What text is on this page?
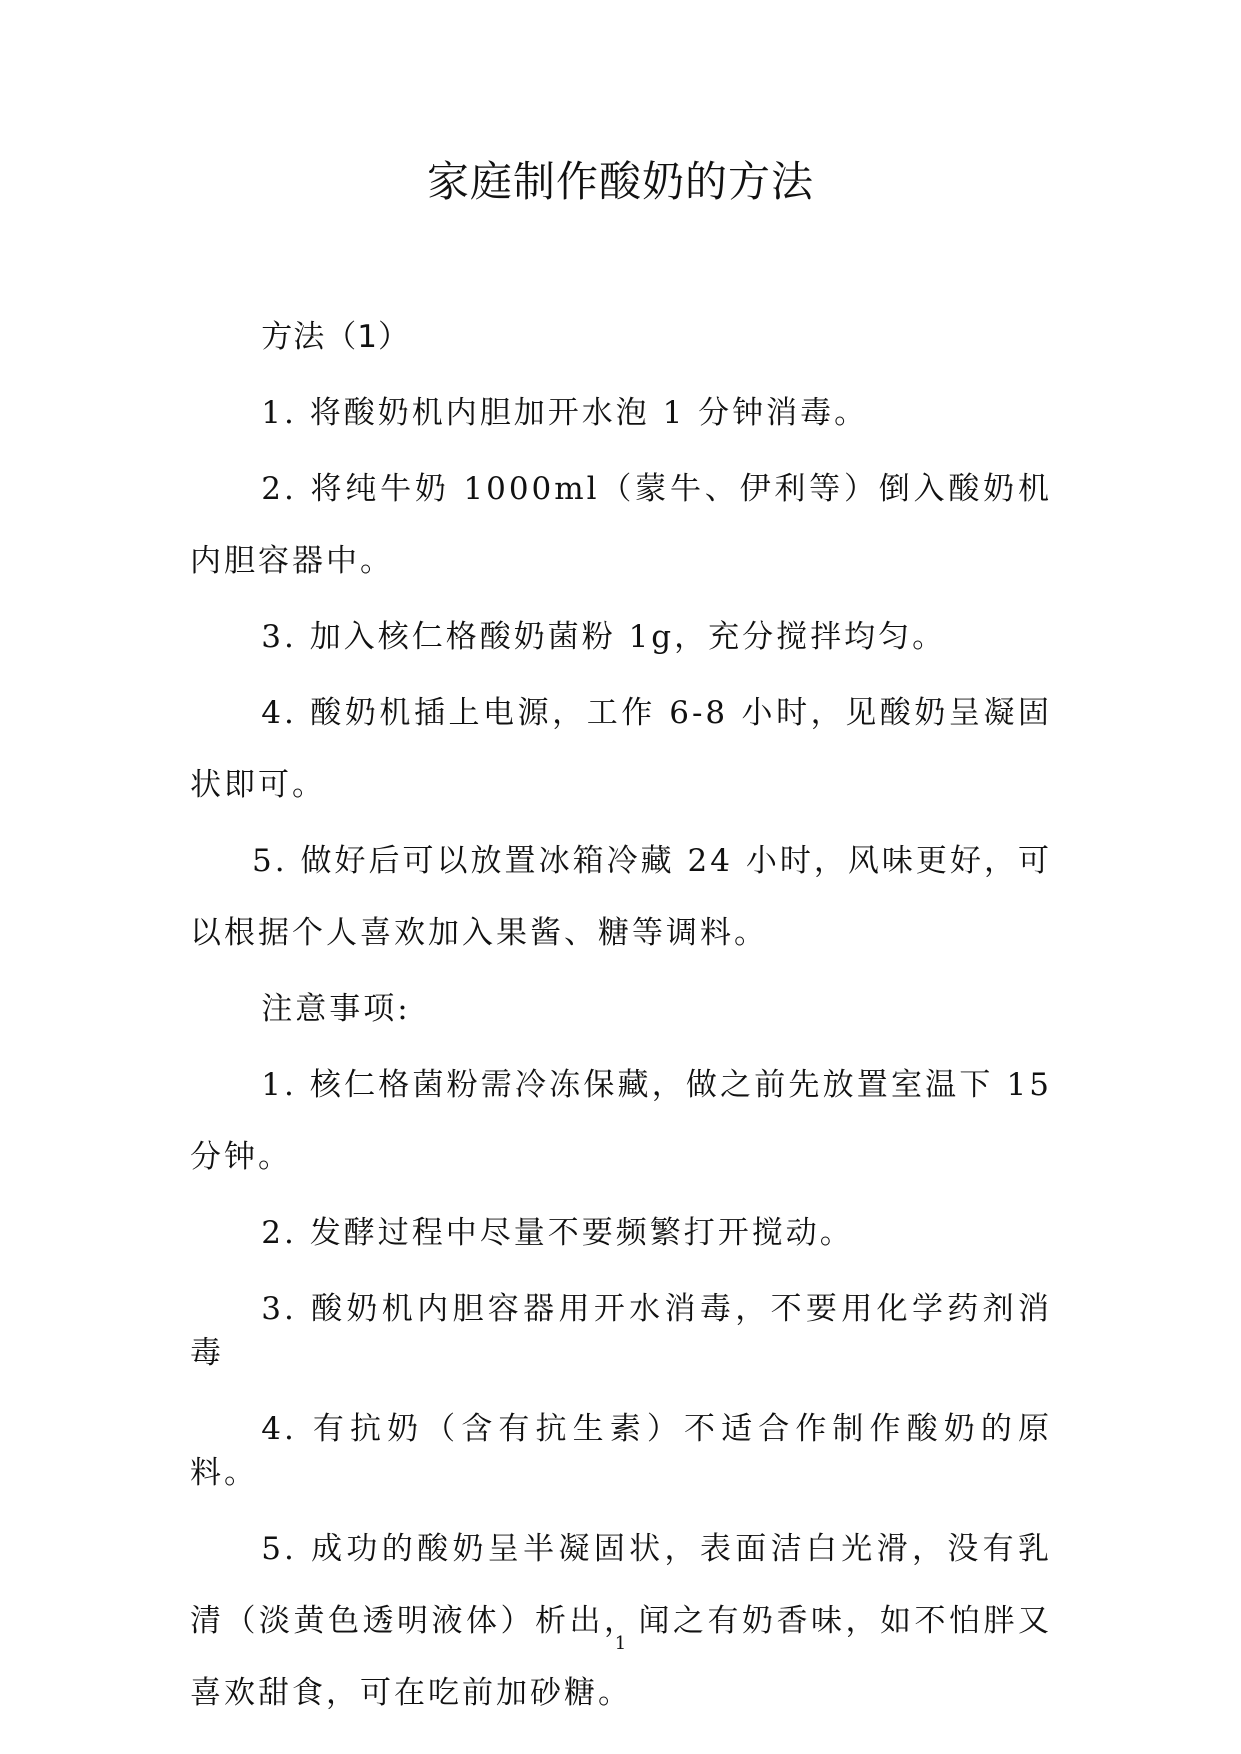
家庭制作酸奶的方法

方法（1）

1. 将酸奶机内胆加开水泡 1 分钟消毒。

2. 将纯牛奶 1000ml（蒙牛、伊利等）倒入酸奶机内胆容器中。

3. 加入核仁格酸奶菌粉 1g，充分搅拌均匀。

4. 酸奶机插上电源，工作 6-8 小时，见酸奶呈凝固状即可。

5. 做好后可以放置冰箱冷藏 24 小时，风味更好，可以根据个人喜欢加入果酱、糖等调料。

注意事项:

1. 核仁格菌粉需冷冻保藏，做之前先放置室温下 15 分钟。

2. 发酵过程中尽量不要频繁打开搅动。

3. 酸奶机内胆容器用开水消毒，不要用化学药剂消毒

4. 有抗奶（含有抗生素）不适合作制作酸奶的原料。

5. 成功的酸奶呈半凝固状，表面洁白光滑，没有乳清（淡黄色透明液体）析出，闻之有奶香味，如不怕胖又喜欢甜食，可在吃前加砂糖。

1
